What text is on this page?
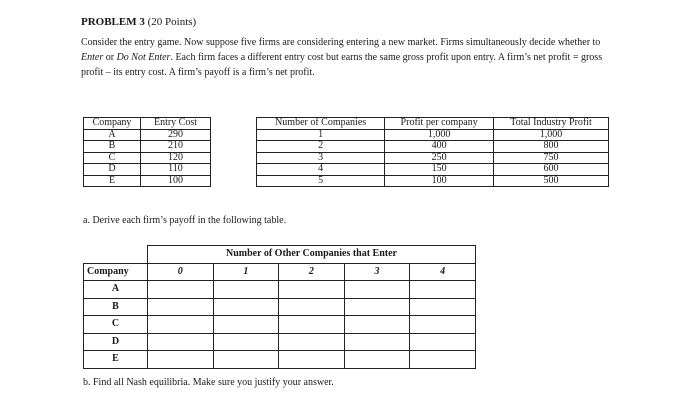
PROBLEM 3 (20 Points)
Consider the entry game. Now suppose five firms are considering entering a new market. Firms simultaneously decide whether to Enter or Do Not Enter. Each firm faces a different entry cost but earns the same gross profit upon entry. A firm’s net profit = gross profit – its entry cost. A firm’s payoff is a firm’s net profit.
Company	Entry Cost
A	290
B	210
C	120
D	110
E	100
Number of Companies	Profit per company	Total Industry Profit
1	1,000	1,000
2	400	800
3	250	750
4	150	600
5	100	500
a. Derive each firm’s payoff in the following table.
	Number of Other Companies that Enter				
Company	0	1	2	3	4
A					
B					
C					
D					
E					
b. Find all Nash equilibria. Make sure you justify your answer.
